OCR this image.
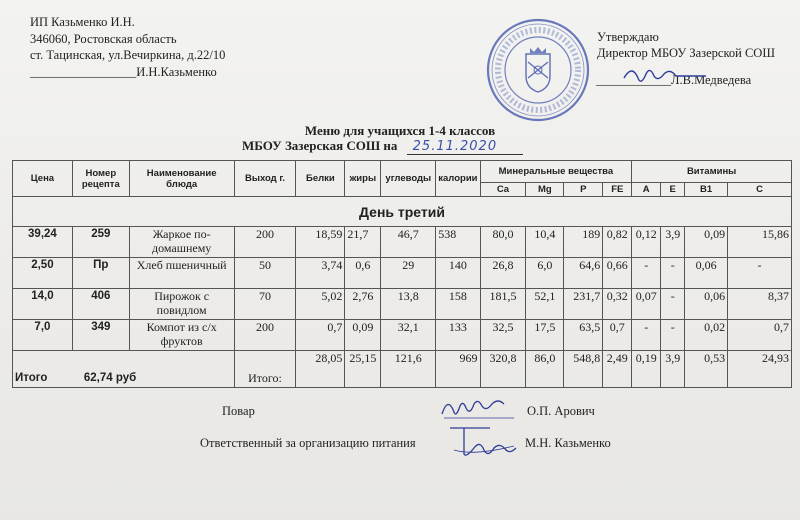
ИП Казьменко И.Н.
346060, Ростовская область
ст. Тацинская, ул.Вечиркина, д.22/10
_________________И.Н.Казьменко
Утверждаю
Директор МБОУ Зазерской СОШ
____________Л.В.Медведева
Меню для учащихся 1-4 классов
МБОУ Зазерская СОШ на 25.11.2020
Цена	Номер рецепта	Наименование блюда	Выход г.	Белки	жиры	углеводы	калории	Минеральные вещества				Витамины			
								Ca	Mg	P	FE	A	E	B1	C
День третий															
39,24	259	Жаркое по-домашнему	200	18,59	21,7	46,7	538	80,0	10,4	189	0,82	0,12	3,9	0,09	15,86
2,50	Пр	Хлеб пшеничный	50	3,74	0,6	29	140	26,8	6,0	64,6	0,66	-	-	0,06	-
14,0	406	Пирожок с повидлом	70	5,02	2,76	13,8	158	181,5	52,1	231,7	0,32	0,07	-	0,06	8,37
7,0	349	Компот из с/х фруктов	200	0,7	0,09	32,1	133	32,5	17,5	63,5	0,7	-	-	0,02	0,7
Итого 62,74 руб			Итого:	28,05	25,15	121,6	969	320,8	86,0	548,8	2,49	0,19	3,9	0,53	24,93
Повар	О.П. Арович
Ответственный за организацию питания	М.Н. Казьменко
